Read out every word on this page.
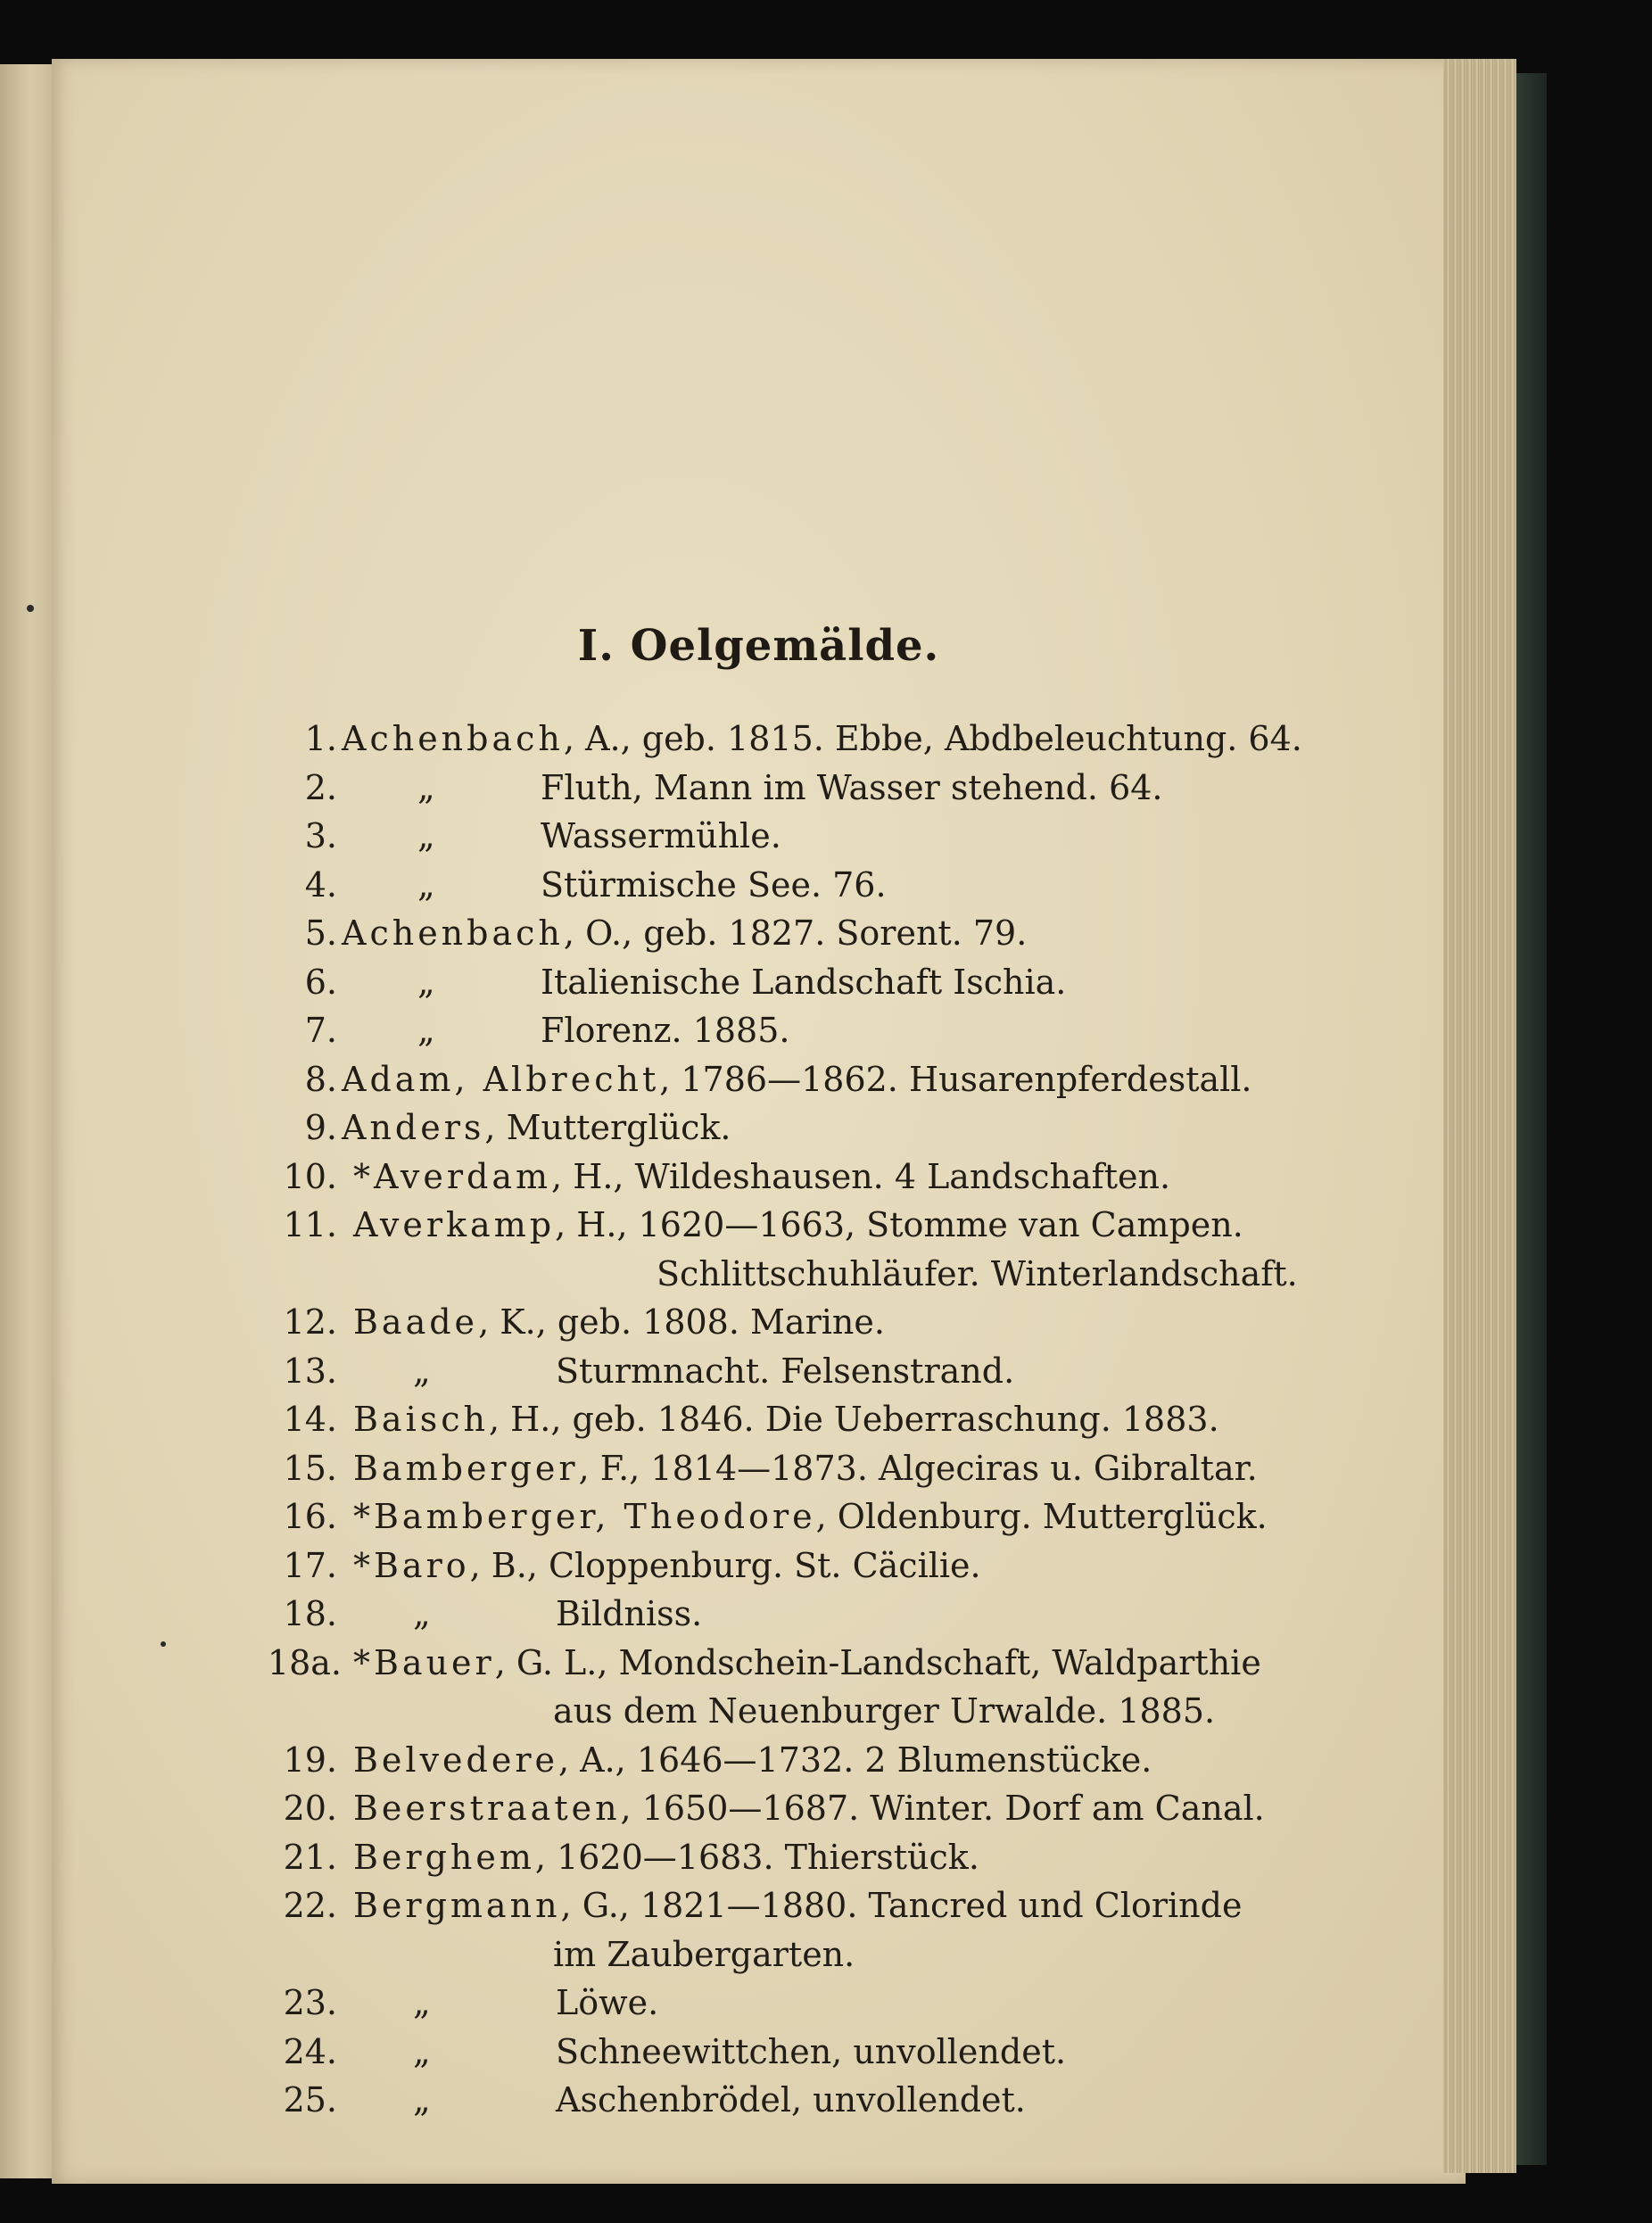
I. Oelgemälde.
1. Achenbach, A., geb. 1815. Ebbe, Abdbeleuchtung. 64.
2. „	Fluth, Mann im Wasser stehend. 64.
3. „	Wassermühle.
4. „	Stürmische See. 76.
5. Achenbach, O., geb. 1827. Sorent. 79.
6. „	Italienische Landschaft Ischia.
7. „	Florenz. 1885.
8. Adam, Albrecht, 1786—1862. Husarenpferdestall.
9. Anders, Mutterglück.
10. *Averdam, H., Wildeshausen. 4 Landschaften.
11. Averkamp, H., 1620—1663, Stomme van Campen.
Schlittschuhläufer. Winterlandschaft.
12. Baade, K., geb. 1808. Marine.
13. „	Sturmnacht. Felsenstrand.
14. Baisch, H., geb. 1846. Die Ueberraschung. 1883.
15. Bamberger, F., 1814—1873. Algeciras u. Gibraltar.
16. *Bamberger, Theodore, Oldenburg. Mutterglück.
17. *Baro, B., Cloppenburg. St. Cäcilie.
18. „	Bildniss.
18a. *Bauer, G. L., Mondschein-Landschaft, Waldparthie
aus dem Neuenburger Urwalde. 1885.
19. Belvedere, A., 1646—1732. 2 Blumenstücke.
20. Beerstraaten, 1650—1687. Winter. Dorf am Canal.
21. Berghem, 1620—1683. Thierstück.
22. Bergmann, G., 1821—1880. Tancred und Clorinde
im Zaubergarten.
23. „	Löwe.
24. „	Schneewittchen, unvollendet.
25. „	Aschenbrödel, unvollendet.
